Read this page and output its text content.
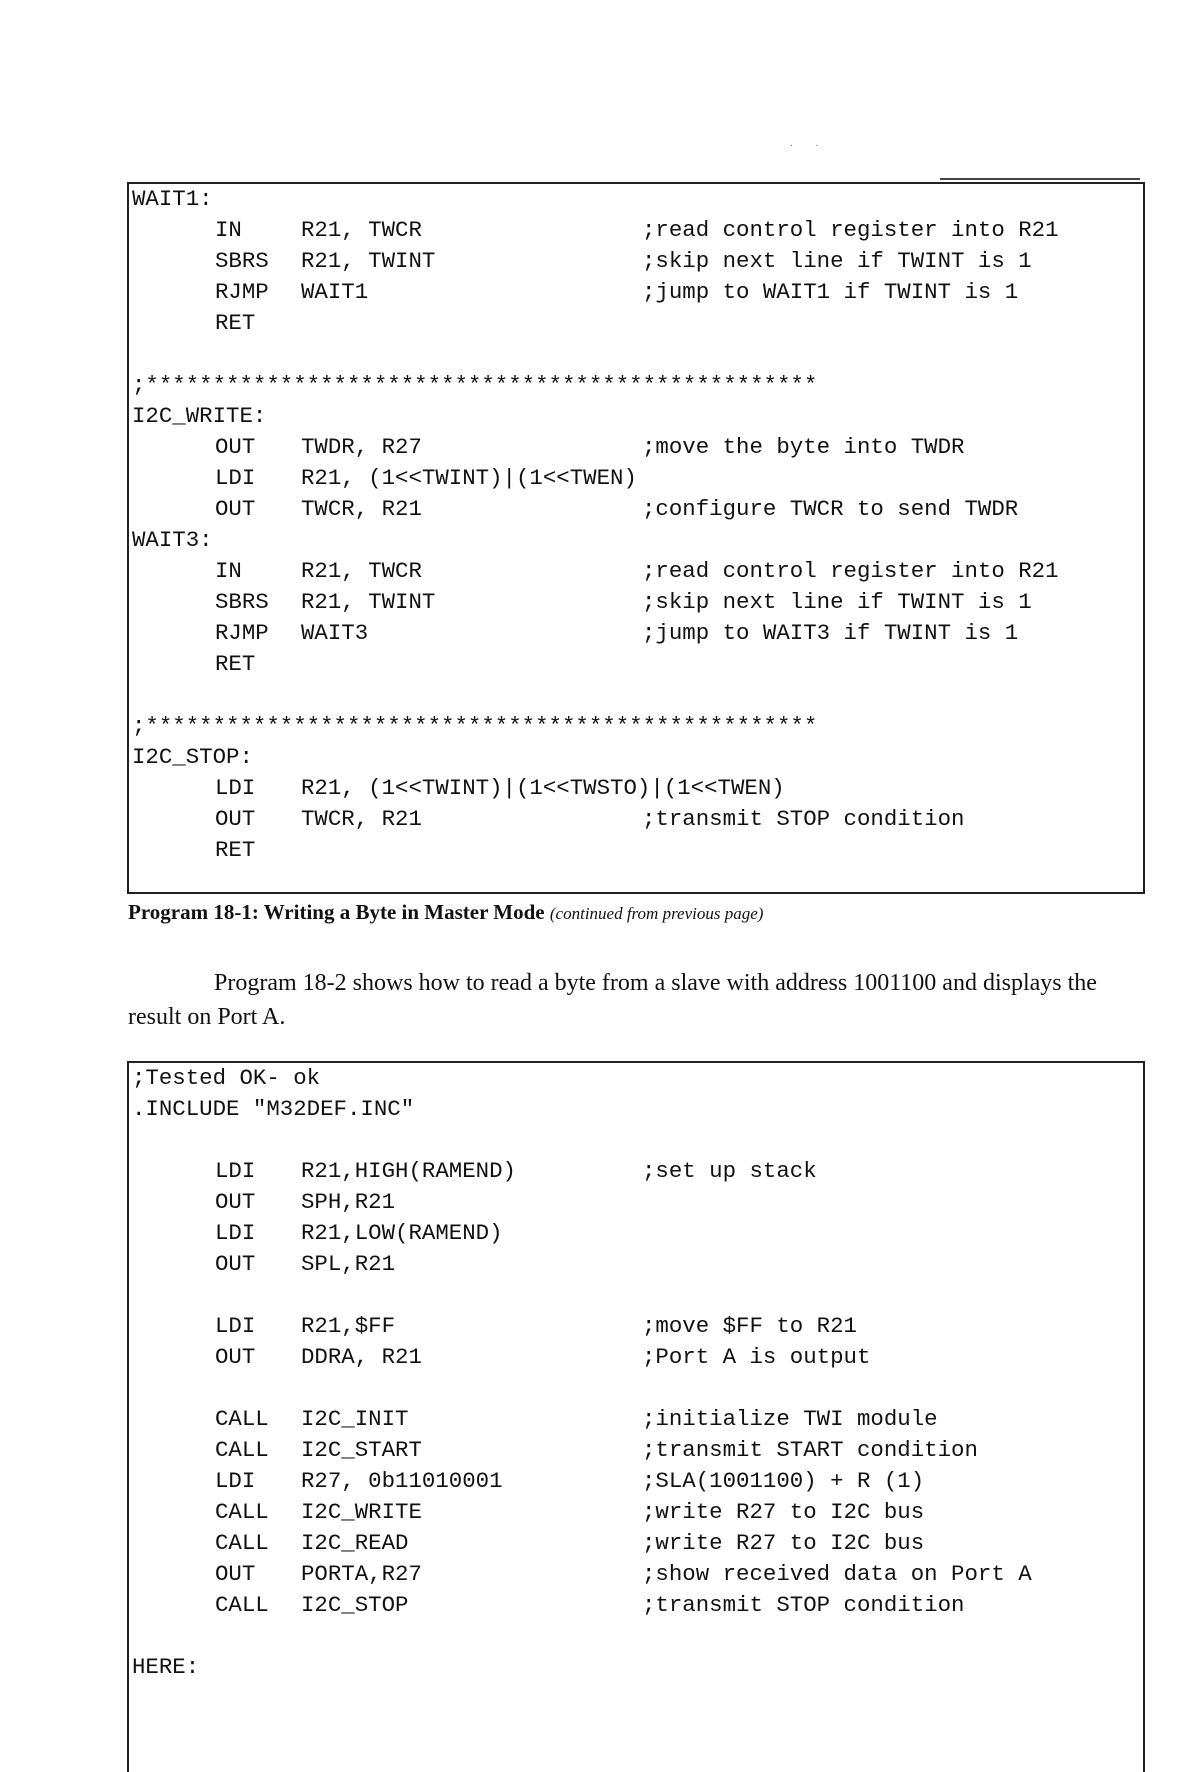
. .
WAIT1:
IN	R21, TWCR	;read control register into R21
SBRS R21, TWINT	;skip next line if TWINT is 1
RJMP WAIT1	;jump to WAIT1 if TWINT is 1
RET
;**************************************************
I2C_WRITE:
OUT TWDR, R27	;move the byte into TWDR
LDI R21, (1<<TWINT)|(1<<TWEN)
OUT TWCR, R21	;configure TWCR to send TWDR
WAIT3:
IN	R21, TWCR	;read control register into R21
SBRS R21, TWINT	;skip next line if TWINT is 1
RJMP WAIT3	;jump to WAIT3 if TWINT is 1
RET
;**************************************************
I2C_STOP:
LDI R21, (1<<TWINT)|(1<<TWSTO)|(1<<TWEN)
OUT TWCR, R21	;transmit STOP condition
RET
Program 18-1: Writing a Byte in Master Mode (continued from previous page)
Program 18-2 shows how to read a byte from a slave with address 1001100 and displays the result on Port A.
;Tested OK- ok
.INCLUDE "M32DEF.INC"
LDI R21,HIGH(RAMEND)	;set up stack
OUT SPH,R21
LDI R21,LOW(RAMEND)
OUT SPL,R21
LDI R21,$FF	;move $FF to R21
OUT DDRA, R21	;Port A is output
CALL I2C_INIT	;initialize TWI module
CALL I2C_START	;transmit START condition
LDI R27, 0b11010001	;SLA(1001100) + R (1)
CALL I2C_WRITE	;write R27 to I2C bus
CALL I2C_READ	;write R27 to I2C bus
OUT PORTA,R27	;show received data on Port A
CALL I2C_STOP	;transmit STOP condition
HERE:
